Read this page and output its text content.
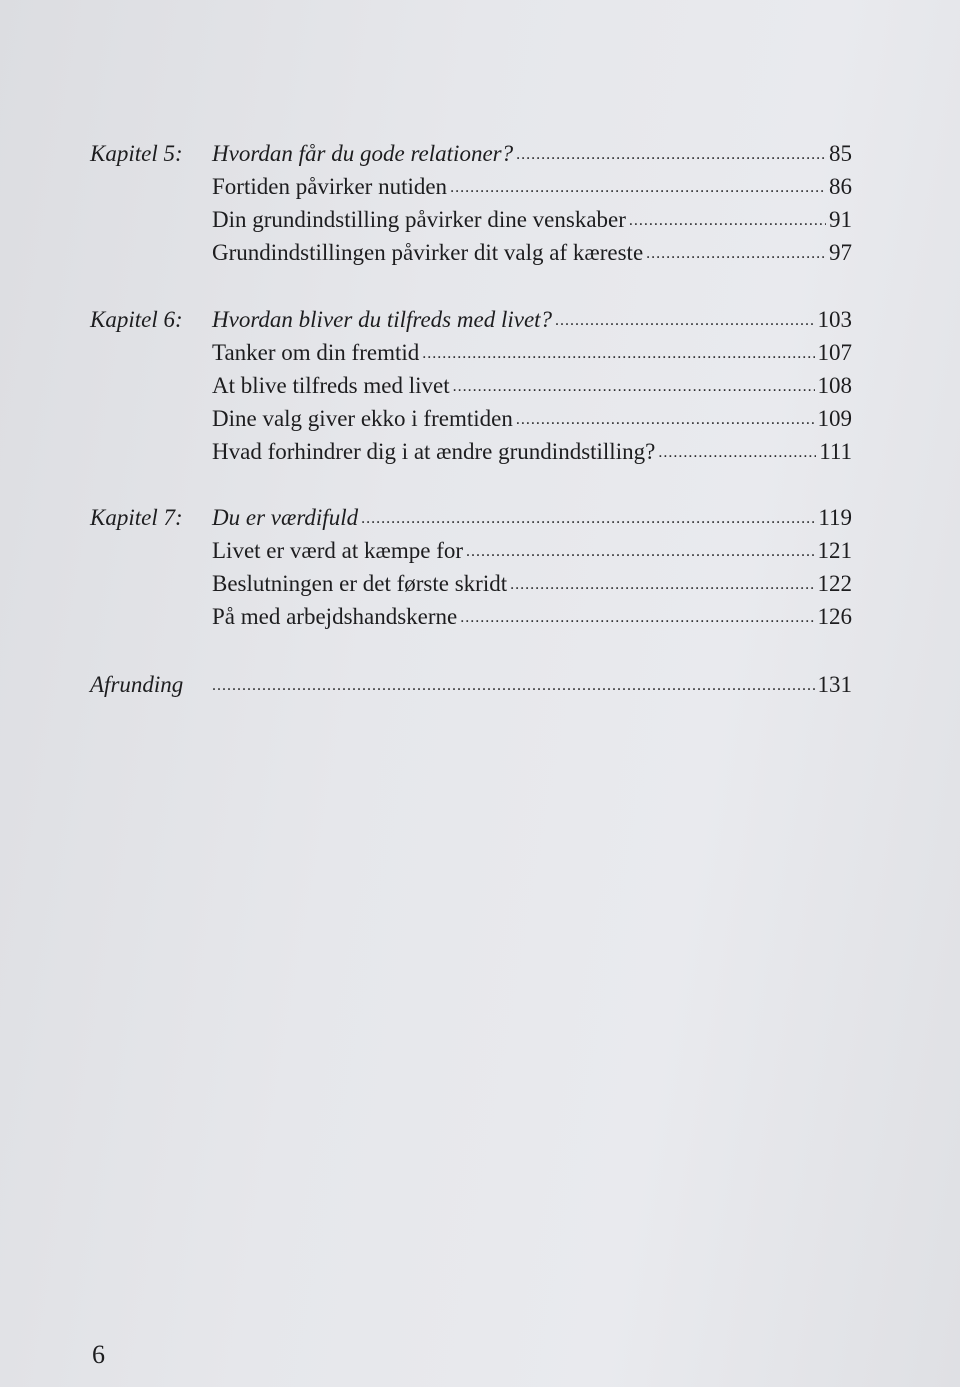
Kapitel 5:	Hvordan får du gode relationer? .....	85
Fortiden påvirker nutiden .....	86
Din grundindstilling påvirker dine venskaber .....	91
Grundindstillingen påvirker dit valg af kæreste .....	97
Kapitel 6:	Hvordan bliver du tilfreds med livet? .....	103
Tanker om din fremtid .....	107
At blive tilfreds med livet .....	108
Dine valg giver ekko i fremtiden .....	109
Hvad forhindrer dig i at ændre grundindstilling? .....	111
Kapitel 7:	Du er værdifuld .....	119
Livet er værd at kæmpe for .....	121
Beslutningen er det første skridt .....	122
På med arbejdshandskerne .....	126
Afrunding .....	131
6
